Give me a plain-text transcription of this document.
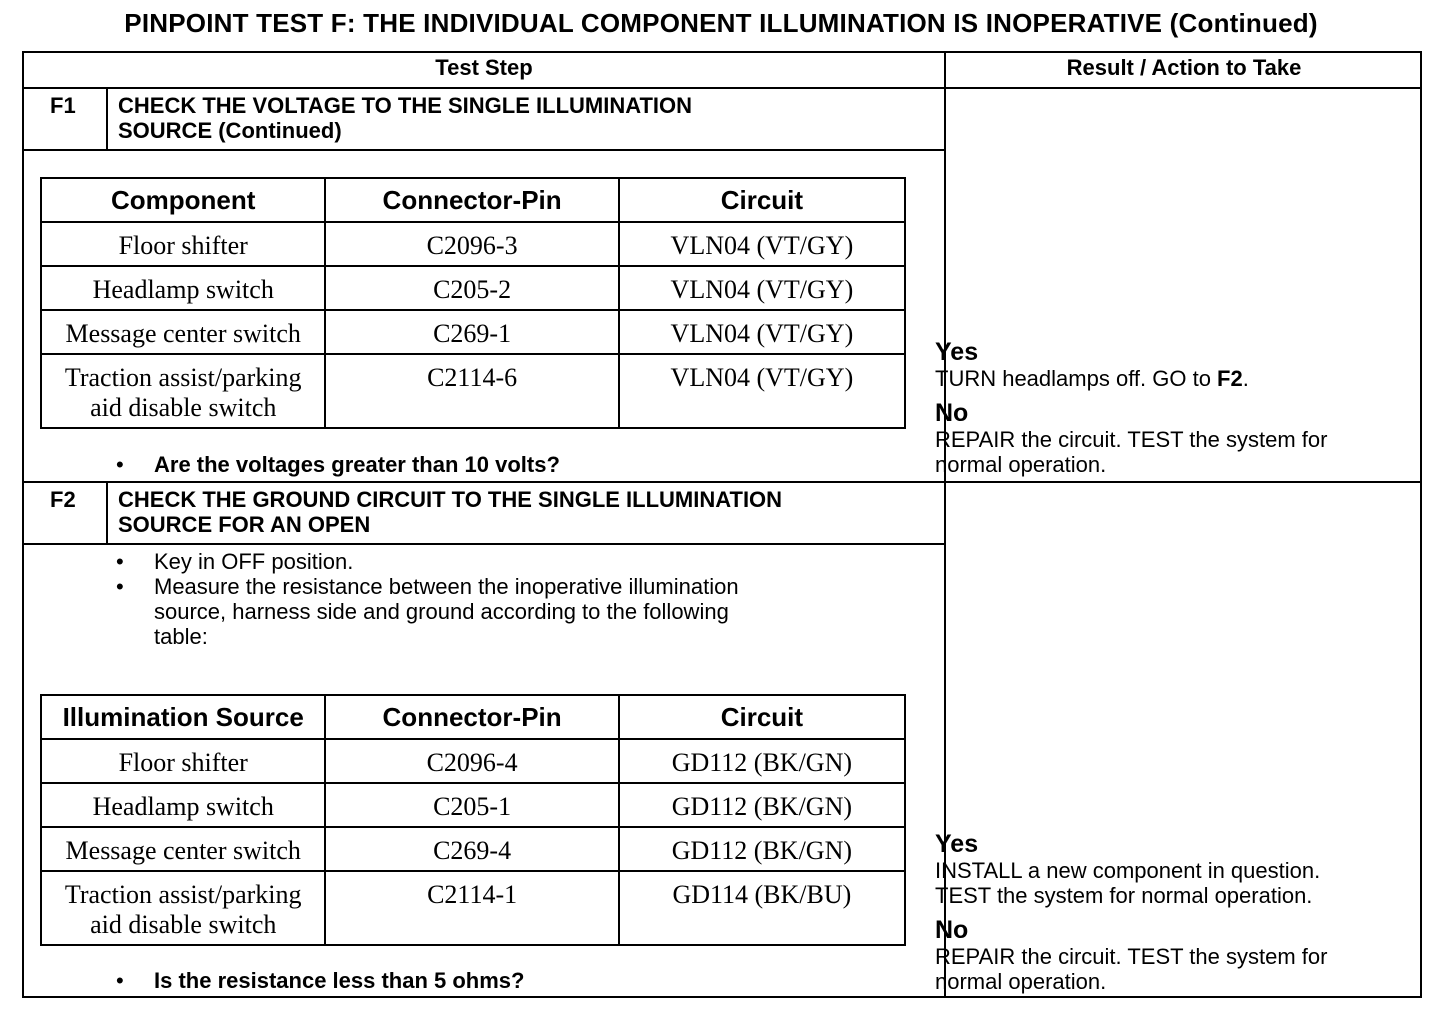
PINPOINT TEST F: THE INDIVIDUAL COMPONENT ILLUMINATION IS INOPERATIVE (Continued)
Test Step	Result / Action to Take
F1 CHECK THE VOLTAGE TO THE SINGLE ILLUMINATION
SOURCE (Continued)
Component	Connector-Pin	Circuit
Floor shifter	C2096-3	VLN04 (VT/GY)
Headlamp switch	C205-2	VLN04 (VT/GY)
Message center switch	C269-1	VLN04 (VT/GY)

Traction assist/parking
aid disable switch	C2114-6	VLN04 (VT/GY)
• Are the voltages greater than 10 volts?
Yes
TURN headlamps off. GO to F2.
No
REPAIR the circuit. TEST the system for
normal operation.
F2 CHECK THE GROUND CIRCUIT TO THE SINGLE ILLUMINATION
SOURCE FOR AN OPEN
• Key in OFF position.
• Measure the resistance between the inoperative illumination
source, harness side and ground according to the following
table:
Illumination Source	Connector-Pin	Circuit
Floor shifter	C2096-4	GD112 (BK/GN)
Headlamp switch	C205-1	GD112 (BK/GN)
Message center switch	C269-4	GD112 (BK/GN)

Traction assist/parking
aid disable switch	C2114-1	GD114 (BK/BU)
• Is the resistance less than 5 ohms?
Yes
INSTALL a new component in question.
TEST the system for normal operation.
No
REPAIR the circuit. TEST the system for
normal operation.
